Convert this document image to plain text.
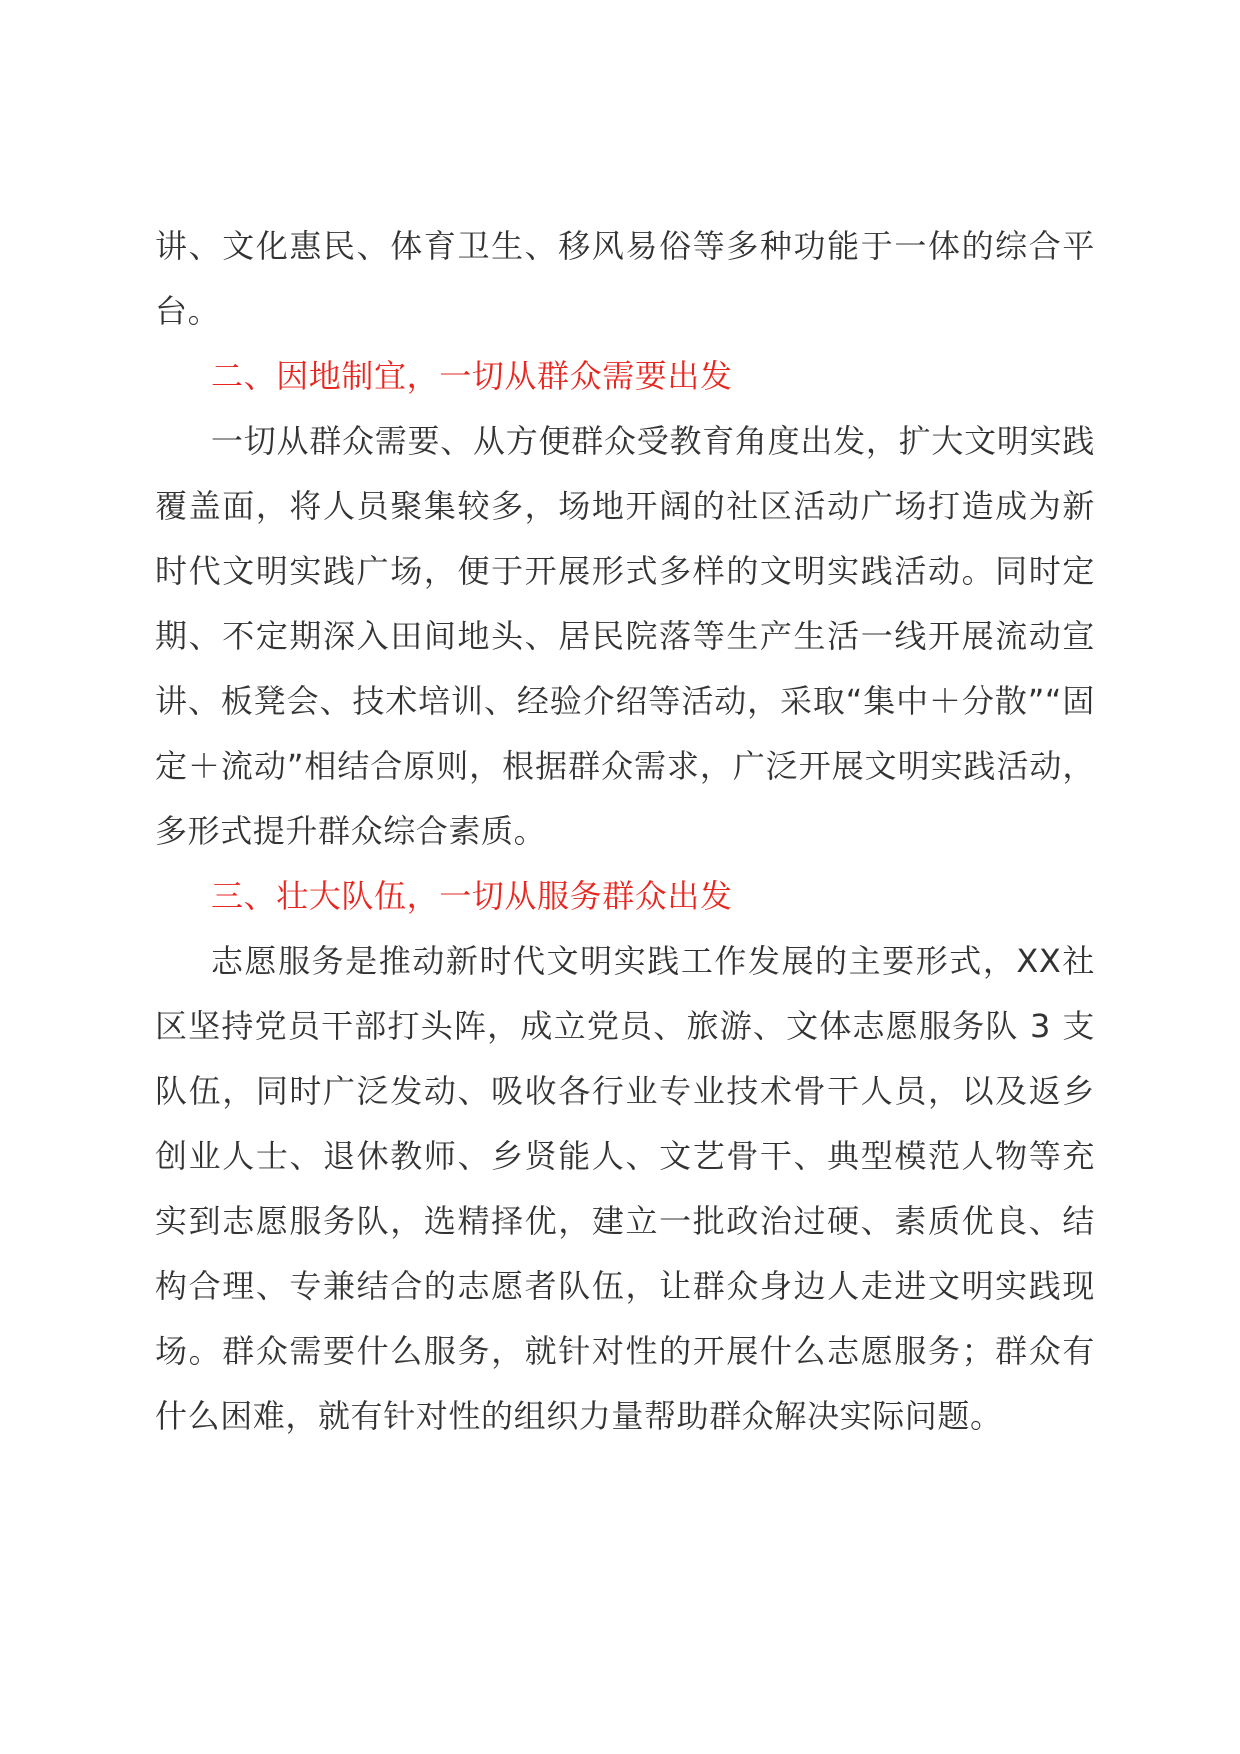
讲、文化惠民、体育卫生、移风易俗等多种功能于一体的综合平台。

二、因地制宜，一切从群众需要出发

一切从群众需要、从方便群众受教育角度出发，扩大文明实践覆盖面，将人员聚集较多，场地开阔的社区活动广场打造成为新时代文明实践广场，便于开展形式多样的文明实践活动。同时定期、不定期深入田间地头、居民院落等生产生活一线开展流动宣讲、板凳会、技术培训、经验介绍等活动，采取“集中＋分散”“固定＋流动”相结合原则，根据群众需求，广泛开展文明实践活动，多形式提升群众综合素质。

三、壮大队伍，一切从服务群众出发

志愿服务是推动新时代文明实践工作发展的主要形式，XX社区坚持党员干部打头阵，成立党员、旅游、文体志愿服务队 3 支队伍，同时广泛发动、吸收各行业专业技术骨干人员，以及返乡创业人士、退休教师、乡贤能人、文艺骨干、典型模范人物等充实到志愿服务队，选精择优，建立一批政治过硬、素质优良、结构合理、专兼结合的志愿者队伍，让群众身边人走进文明实践现场。群众需要什么服务，就针对性的开展什么志愿服务；群众有什么困难，就有针对性的组织力量帮助群众解决实际问题。
